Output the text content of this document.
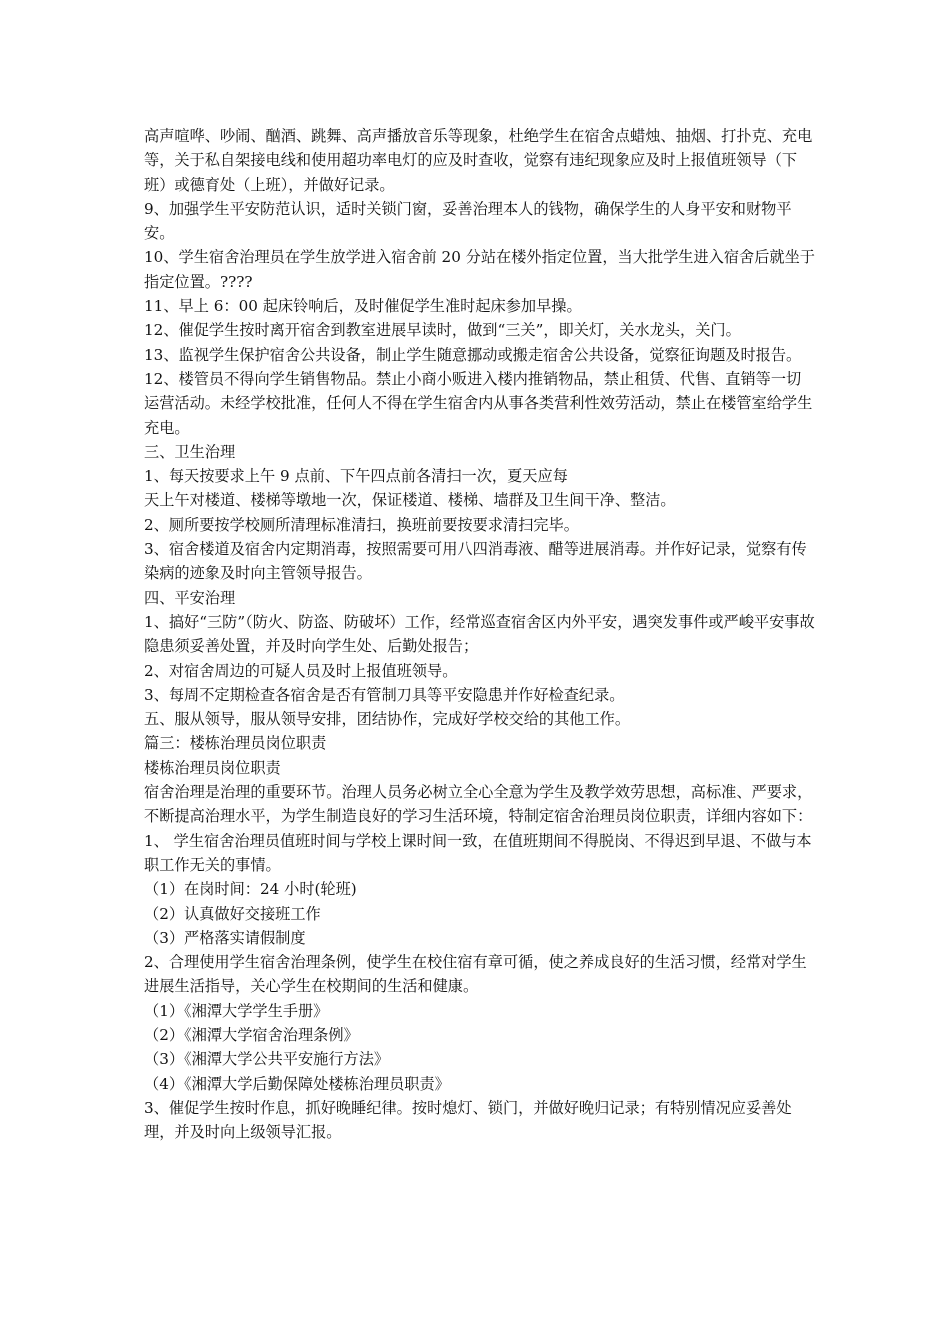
高声喧哗、吵闹、酗酒、跳舞、高声播放音乐等现象，杜绝学生在宿舍点蜡烛、抽烟、打扑克、充电等，关于私自架接电线和使用超功率电灯的应及时查收，觉察有违纪现象应及时上报值班领导（下班）或德育处（上班），并做好记录。

9、加强学生平安防范认识，适时关锁门窗，妥善治理本人的钱物，确保学生的人身平安和财物平安。

10、学生宿舍治理员在学生放学进入宿舍前 20 分站在楼外指定位置，当大批学生进入宿舍后就坐于指定位置。????

11、早上 6：00 起床铃响后，及时催促学生准时起床参加早操。

12、催促学生按时离开宿舍到教室进展早读时，做到“三关”，即关灯，关水龙头，关门。

13、监视学生保护宿舍公共设备，制止学生随意挪动或搬走宿舍公共设备，觉察征询题及时报告。

12、楼管员不得向学生销售物品。禁止小商小贩进入楼内推销物品，禁止租赁、代售、直销等一切运营活动。未经学校批准，任何人不得在学生宿舍内从事各类营利性效劳活动，禁止在楼管室给学生充电。

三、卫生治理

1、每天按要求上午 9 点前、下午四点前各清扫一次，夏天应每

天上午对楼道、楼梯等墩地一次，保证楼道、楼梯、墙群及卫生间干净、整洁。

2、厕所要按学校厕所清理标准清扫，换班前要按要求清扫完毕。

3、宿舍楼道及宿舍内定期消毒，按照需要可用八四消毒液、醋等进展消毒。并作好记录，觉察有传染病的迹象及时向主管领导报告。

四、平安治理

1、搞好“三防”（防火、防盗、防破坏）工作，经常巡查宿舍区内外平安，遇突发事件或严峻平安事故隐患须妥善处置，并及时向学生处、后勤处报告；

2、对宿舍周边的可疑人员及时上报值班领导。

3、每周不定期检查各宿舍是否有管制刀具等平安隐患并作好检查纪录。

五、服从领导，服从领导安排，团结协作，完成好学校交给的其他工作。

篇三：楼栋治理员岗位职责

楼栋治理员岗位职责

宿舍治理是治理的重要环节。治理人员务必树立全心全意为学生及教学效劳思想，高标准、严要求，不断提高治理水平，为学生制造良好的学习生活环境，特制定宿舍治理员岗位职责，详细内容如下：

1、 学生宿舍治理员值班时间与学校上课时间一致，在值班期间不得脱岗、不得迟到早退、不做与本职工作无关的事情。

（1）在岗时间：24 小时(轮班)

（2）认真做好交接班工作

（3）严格落实请假制度

2、合理使用学生宿舍治理条例，使学生在校住宿有章可循，使之养成良好的生活习惯，经常对学生进展生活指导，关心学生在校期间的生活和健康。

（1）《湘潭大学学生手册》

（2）《湘潭大学宿舍治理条例》

（3）《湘潭大学公共平安施行方法》

（4）《湘潭大学后勤保障处楼栋治理员职责》

3、催促学生按时作息，抓好晚睡纪律。按时熄灯、锁门，并做好晚归记录；有特别情况应妥善处理，并及时向上级领导汇报。
